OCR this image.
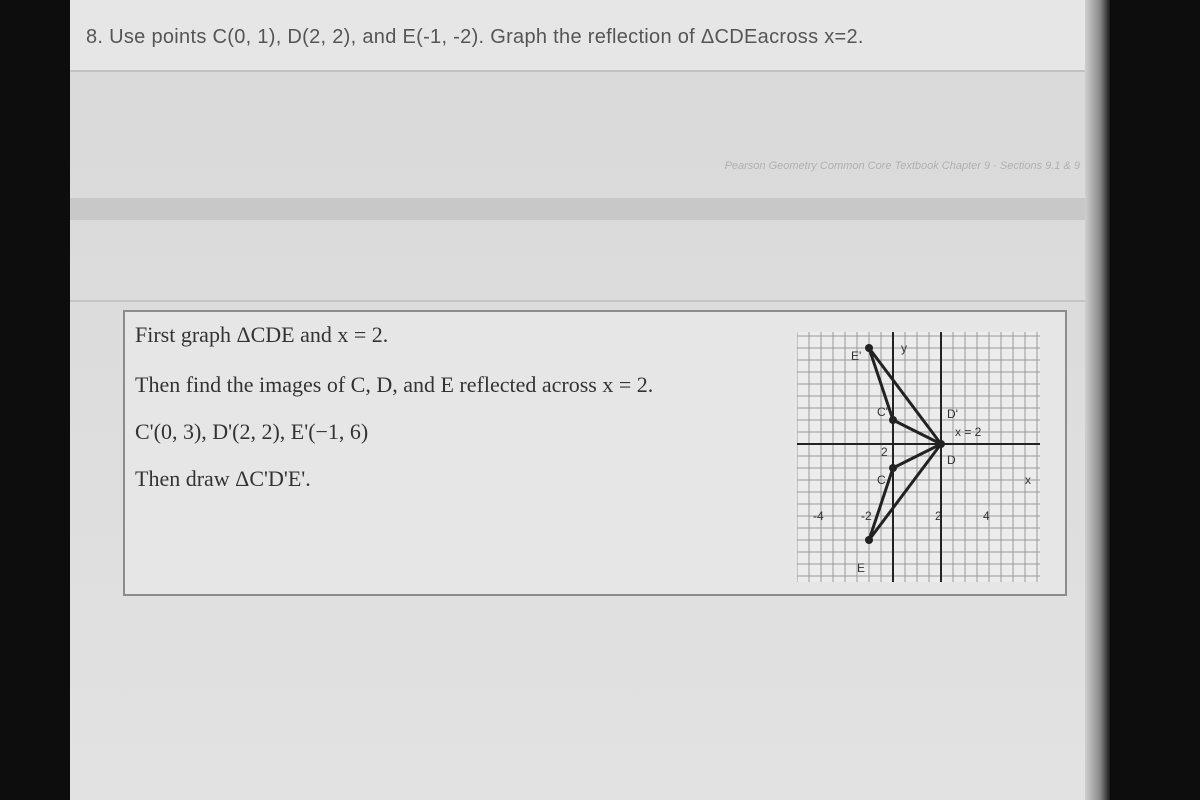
8. Use points C(0, 1), D(2, 2), and E(-1, -2). Graph the reflection of ΔCDEacross x=2.
Pearson Geometry Common Core Textbook Chapter 9 · Sections 9.1 & 9
First graph ΔCDE and x = 2.
Then find the images of C, D, and E reflected across x = 2.
C'(0, 3), D'(2, 2), E'(−1, 6)
Then draw ΔC'D'E'.
E'
y
C'	D'
x = 2
2
D
C	x
-4	-2	2	4
E
